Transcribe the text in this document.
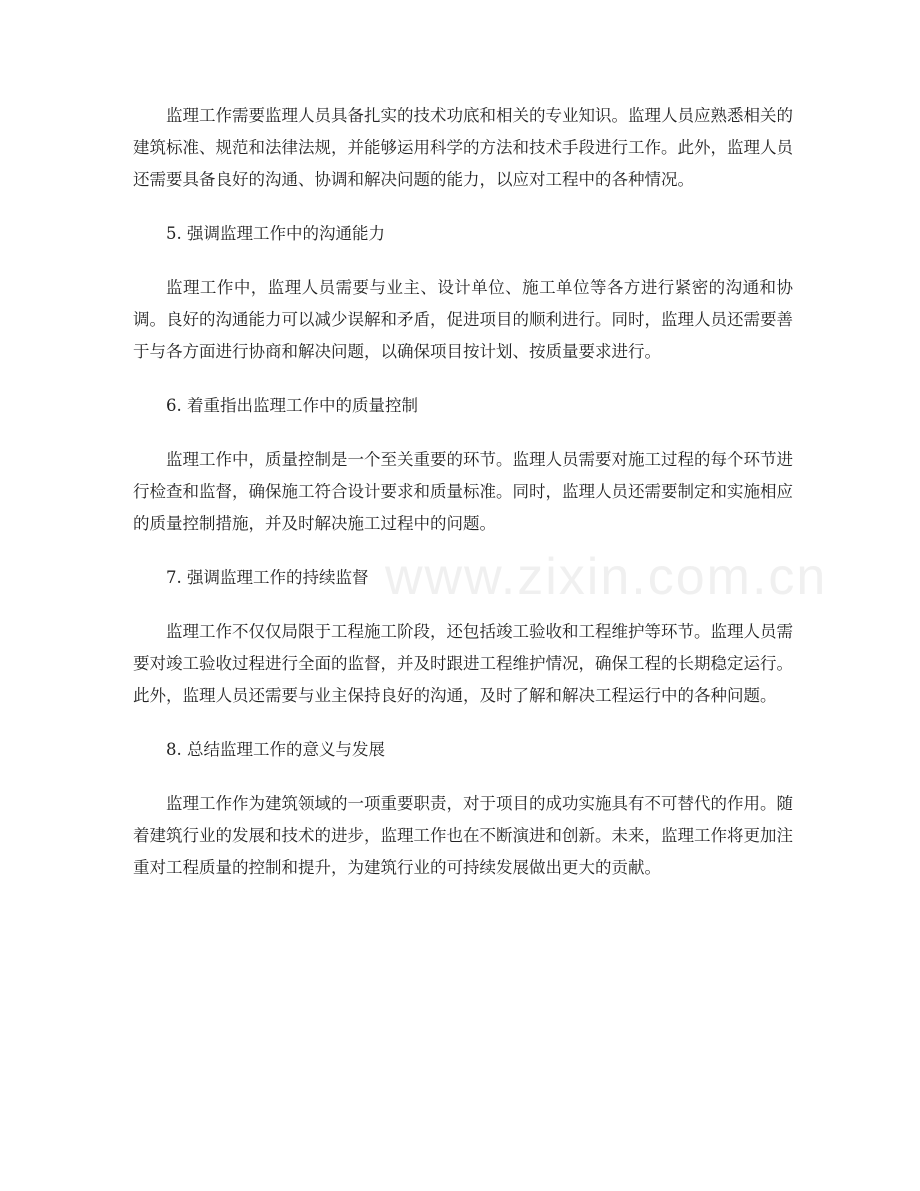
www.zixin.com.cn

监理工作需要监理人员具备扎实的技术功底和相关的专业知识。监理人员应熟悉相关的建筑标准、规范和法律法规，并能够运用科学的方法和技术手段进行工作。此外，监理人员还需要具备良好的沟通、协调和解决问题的能力，以应对工程中的各种情况。

5. 强调监理工作中的沟通能力

监理工作中，监理人员需要与业主、设计单位、施工单位等各方进行紧密的沟通和协调。良好的沟通能力可以减少误解和矛盾，促进项目的顺利进行。同时，监理人员还需要善于与各方面进行协商和解决问题，以确保项目按计划、按质量要求进行。

6. 着重指出监理工作中的质量控制

监理工作中，质量控制是一个至关重要的环节。监理人员需要对施工过程的每个环节进行检查和监督，确保施工符合设计要求和质量标准。同时，监理人员还需要制定和实施相应的质量控制措施，并及时解决施工过程中的问题。

7. 强调监理工作的持续监督

监理工作不仅仅局限于工程施工阶段，还包括竣工验收和工程维护等环节。监理人员需要对竣工验收过程进行全面的监督，并及时跟进工程维护情况，确保工程的长期稳定运行。此外，监理人员还需要与业主保持良好的沟通，及时了解和解决工程运行中的各种问题。

8. 总结监理工作的意义与发展

监理工作作为建筑领域的一项重要职责，对于项目的成功实施具有不可替代的作用。随着建筑行业的发展和技术的进步，监理工作也在不断演进和创新。未来，监理工作将更加注重对工程质量的控制和提升，为建筑行业的可持续发展做出更大的贡献。
